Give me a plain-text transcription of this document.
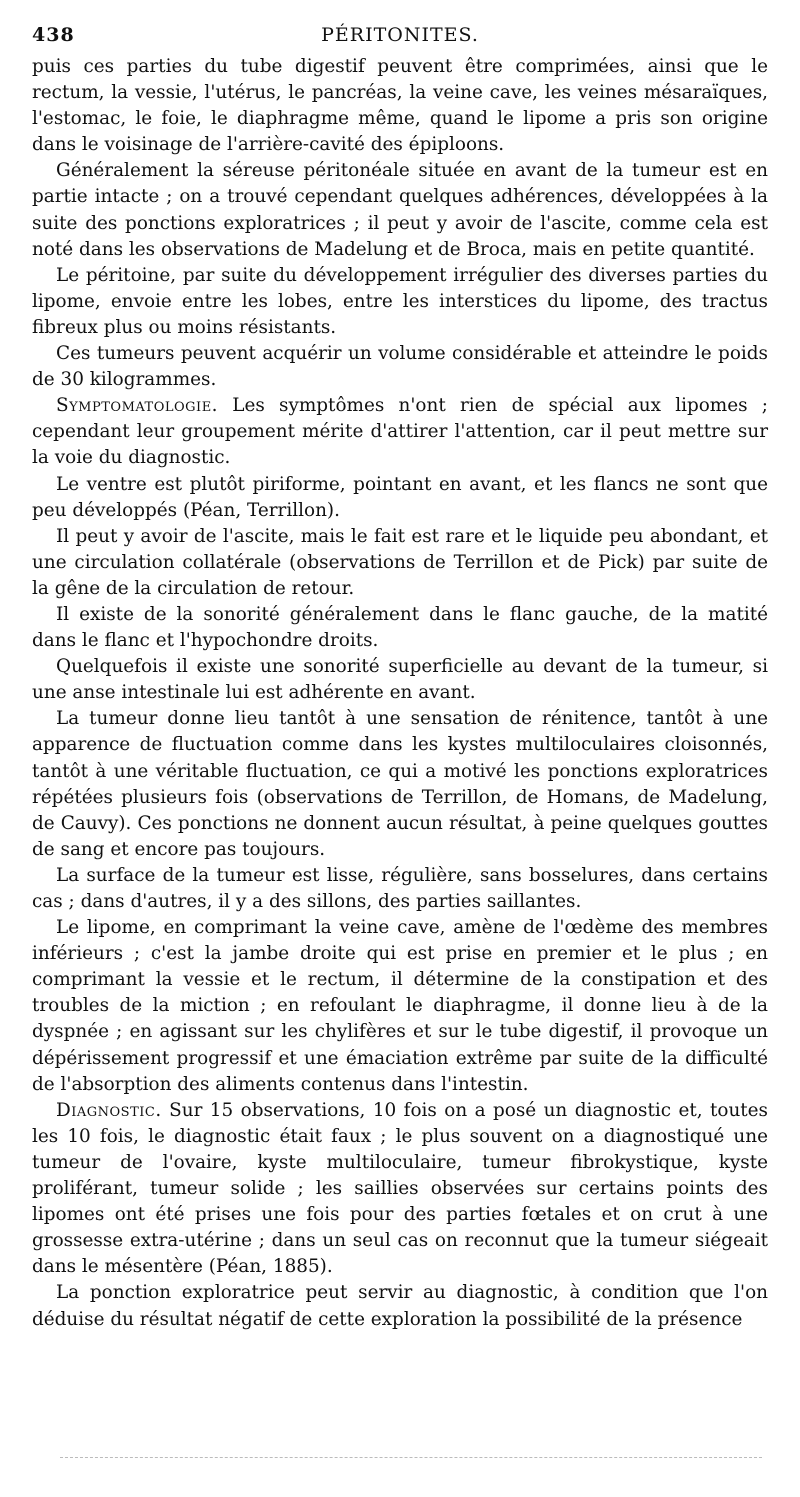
438	PÉRITONITES.

puis ces parties du tube digestif peuvent être comprimées, ainsi que le rectum, la vessie, l'utérus, le pancréas, la veine cave, les veines mésaraïques, l'estomac, le foie, le diaphragme même, quand le lipome a pris son origine dans le voisinage de l'arrière-cavité des épiploons.

Généralement la séreuse péritonéale située en avant de la tumeur est en partie intacte ; on a trouvé cependant quelques adhérences, développées à la suite des ponctions exploratrices ; il peut y avoir de l'ascite, comme cela est noté dans les observations de Madelung et de Broca, mais en petite quantité.

Le péritoine, par suite du développement irrégulier des diverses parties du lipome, envoie entre les lobes, entre les interstices du lipome, des tractus fibreux plus ou moins résistants.

Ces tumeurs peuvent acquérir un volume considérable et atteindre le poids de 30 kilogrammes.

Symptomatologie. Les symptômes n'ont rien de spécial aux lipomes ; cependant leur groupement mérite d'attirer l'attention, car il peut mettre sur la voie du diagnostic.

Le ventre est plutôt piriforme, pointant en avant, et les flancs ne sont que peu développés (Péan, Terrillon).

Il peut y avoir de l'ascite, mais le fait est rare et le liquide peu abondant, et une circulation collatérale (observations de Terrillon et de Pick) par suite de la gêne de la circulation de retour.

Il existe de la sonorité généralement dans le flanc gauche, de la matité dans le flanc et l'hypochondre droits.

Quelquefois il existe une sonorité superficielle au devant de la tumeur, si une anse intestinale lui est adhérente en avant.

La tumeur donne lieu tantôt à une sensation de rénitence, tantôt à une apparence de fluctuation comme dans les kystes multiloculaires cloisonnés, tantôt à une véritable fluctuation, ce qui a motivé les ponctions exploratrices répétées plusieurs fois (observations de Terrillon, de Homans, de Madelung, de Cauvy). Ces ponctions ne donnent aucun résultat, à peine quelques gouttes de sang et encore pas toujours.

La surface de la tumeur est lisse, régulière, sans bosselures, dans certains cas ; dans d'autres, il y a des sillons, des parties saillantes.

Le lipome, en comprimant la veine cave, amène de l'œdème des membres inférieurs ; c'est la jambe droite qui est prise en premier et le plus ; en comprimant la vessie et le rectum, il détermine de la constipation et des troubles de la miction ; en refoulant le diaphragme, il donne lieu à de la dyspnée ; en agissant sur les chylifères et sur le tube digestif, il provoque un dépérissement progressif et une émaciation extrême par suite de la difficulté de l'absorption des aliments contenus dans l'intestin.

Diagnostic. Sur 15 observations, 10 fois on a posé un diagnostic et, toutes les 10 fois, le diagnostic était faux ; le plus souvent on a diagnostiqué une tumeur de l'ovaire, kyste multiloculaire, tumeur fibrokystique, kyste proliférant, tumeur solide ; les saillies observées sur certains points des lipomes ont été prises une fois pour des parties fœtales et on crut à une grossesse extra-utérine ; dans un seul cas on reconnut que la tumeur siégeait dans le mésentère (Péan, 1885).

La ponction exploratrice peut servir au diagnostic, à condition que l'on déduise du résultat négatif de cette exploration la possibilité de la présence
